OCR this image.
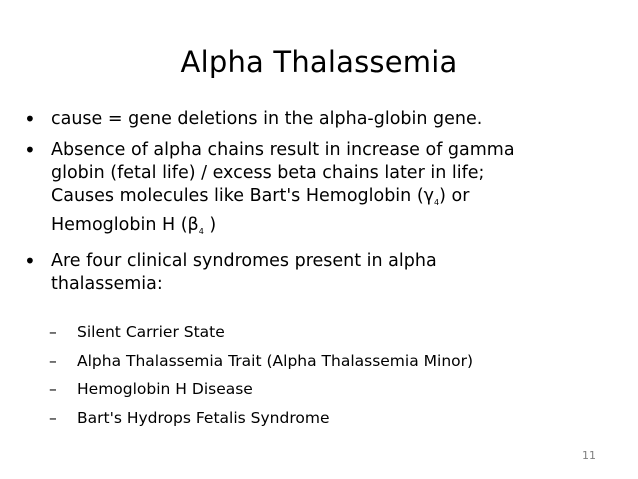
Alpha Thalassemia
• cause = gene deletions in the alpha-globin gene.
• Absence of alpha chains result in increase of gamma
globin (fetal life) / excess beta chains later in life;
Causes molecules like Bart's Hemoglobin $(\gamma_4)$ or
Hemoglobin H ($\beta_4$ )
• Are four clinical syndromes present in alpha
thalassemia:
– Silent Carrier State
– Alpha Thalassemia Trait (Alpha Thalassemia Minor)
– Hemoglobin H Disease
– Bart's Hydrops Fetalis Syndrome
11
